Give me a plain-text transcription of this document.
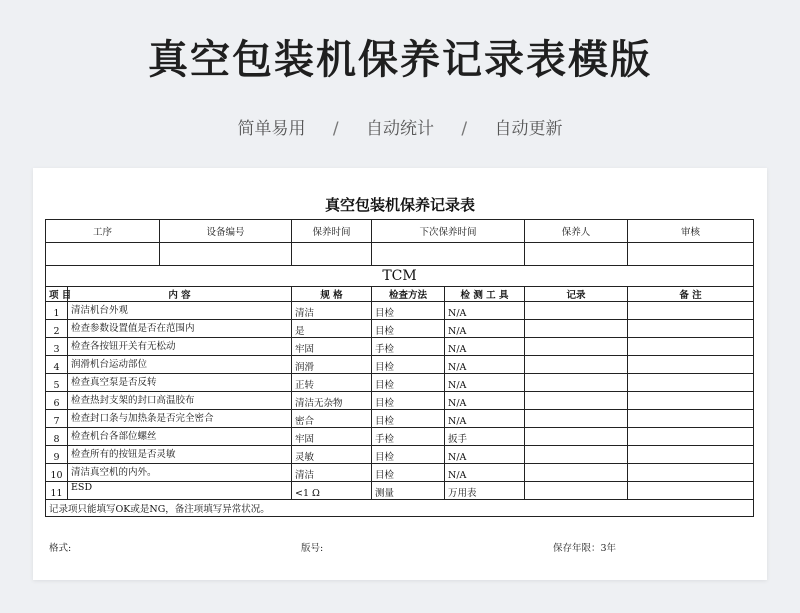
真空包装机保养记录表模版
简单易用 / 自动统计 / 自动更新
真空包装机保养记录表
工序		设备编号	保养时间	下次保养时间		保养人	审核

TCM							
项 目	内 容		规 格	检查方法	检 测 工 具	记录	备 注
1	清洁机台外观		清洁	目检	N/A		
2	检查参数设置值是否在范围内		是	目检	N/A		
3	检查各按钮开关有无松动		牢固	手检	N/A		
4	润滑机台运动部位		润滑	目检	N/A		
5	检查真空泵是否反转		正转	目检	N/A		
6	检查热封支架的封口高温胶布		清洁无杂物	目检	N/A		
7	检查封口条与加热条是否完全密合		密合	目检	N/A		
8	检查机台各部位螺丝		牢固	手检	扳手		
9	检查所有的按钮是否灵敏		灵敏	目检	N/A		
10	清洁真空机的内外。		清洁	目检	N/A		
11	ESD		<1 Ω	测量	万用表		
记录项只能填写OK或是NG，备注项填写异常状况。							
格式:	版号:	保存年限：3年
